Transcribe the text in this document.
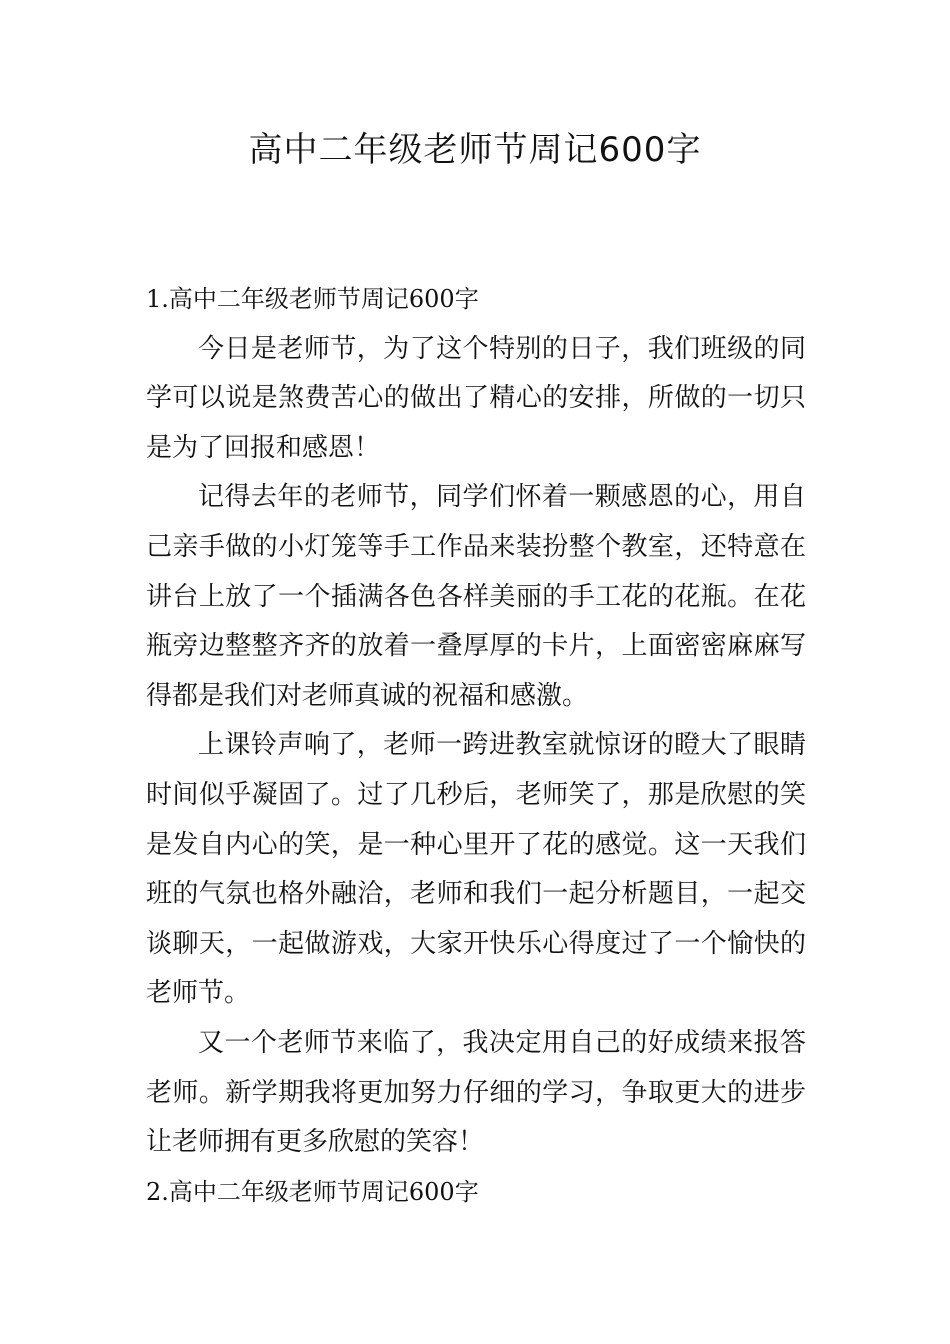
高中二年级老师节周记600字
1.高中二年级老师节周记600字

今日是老师节，为了这个特别的日子，我们班级的同学可以说是煞费苦心的做出了精心的安排，所做的一切只是为了回报和感恩！

记得去年的老师节，同学们怀着一颗感恩的心，用自己亲手做的小灯笼等手工作品来装扮整个教室，还特意在讲台上放了一个插满各色各样美丽的手工花的花瓶。在花瓶旁边整整齐齐的放着一叠厚厚的卡片，上面密密麻麻写得都是我们对老师真诚的祝福和感激。

上课铃声响了，老师一跨进教室就惊讶的瞪大了眼睛时间似乎凝固了。过了几秒后，老师笑了，那是欣慰的笑是发自内心的笑，是一种心里开了花的感觉。这一天我们班的气氛也格外融洽，老师和我们一起分析题目，一起交谈聊天，一起做游戏，大家开快乐心得度过了一个愉快的老师节。

又一个老师节来临了，我决定用自己的好成绩来报答老师。新学期我将更加努力仔细的学习，争取更大的进步让老师拥有更多欣慰的笑容！

2.高中二年级老师节周记600字
